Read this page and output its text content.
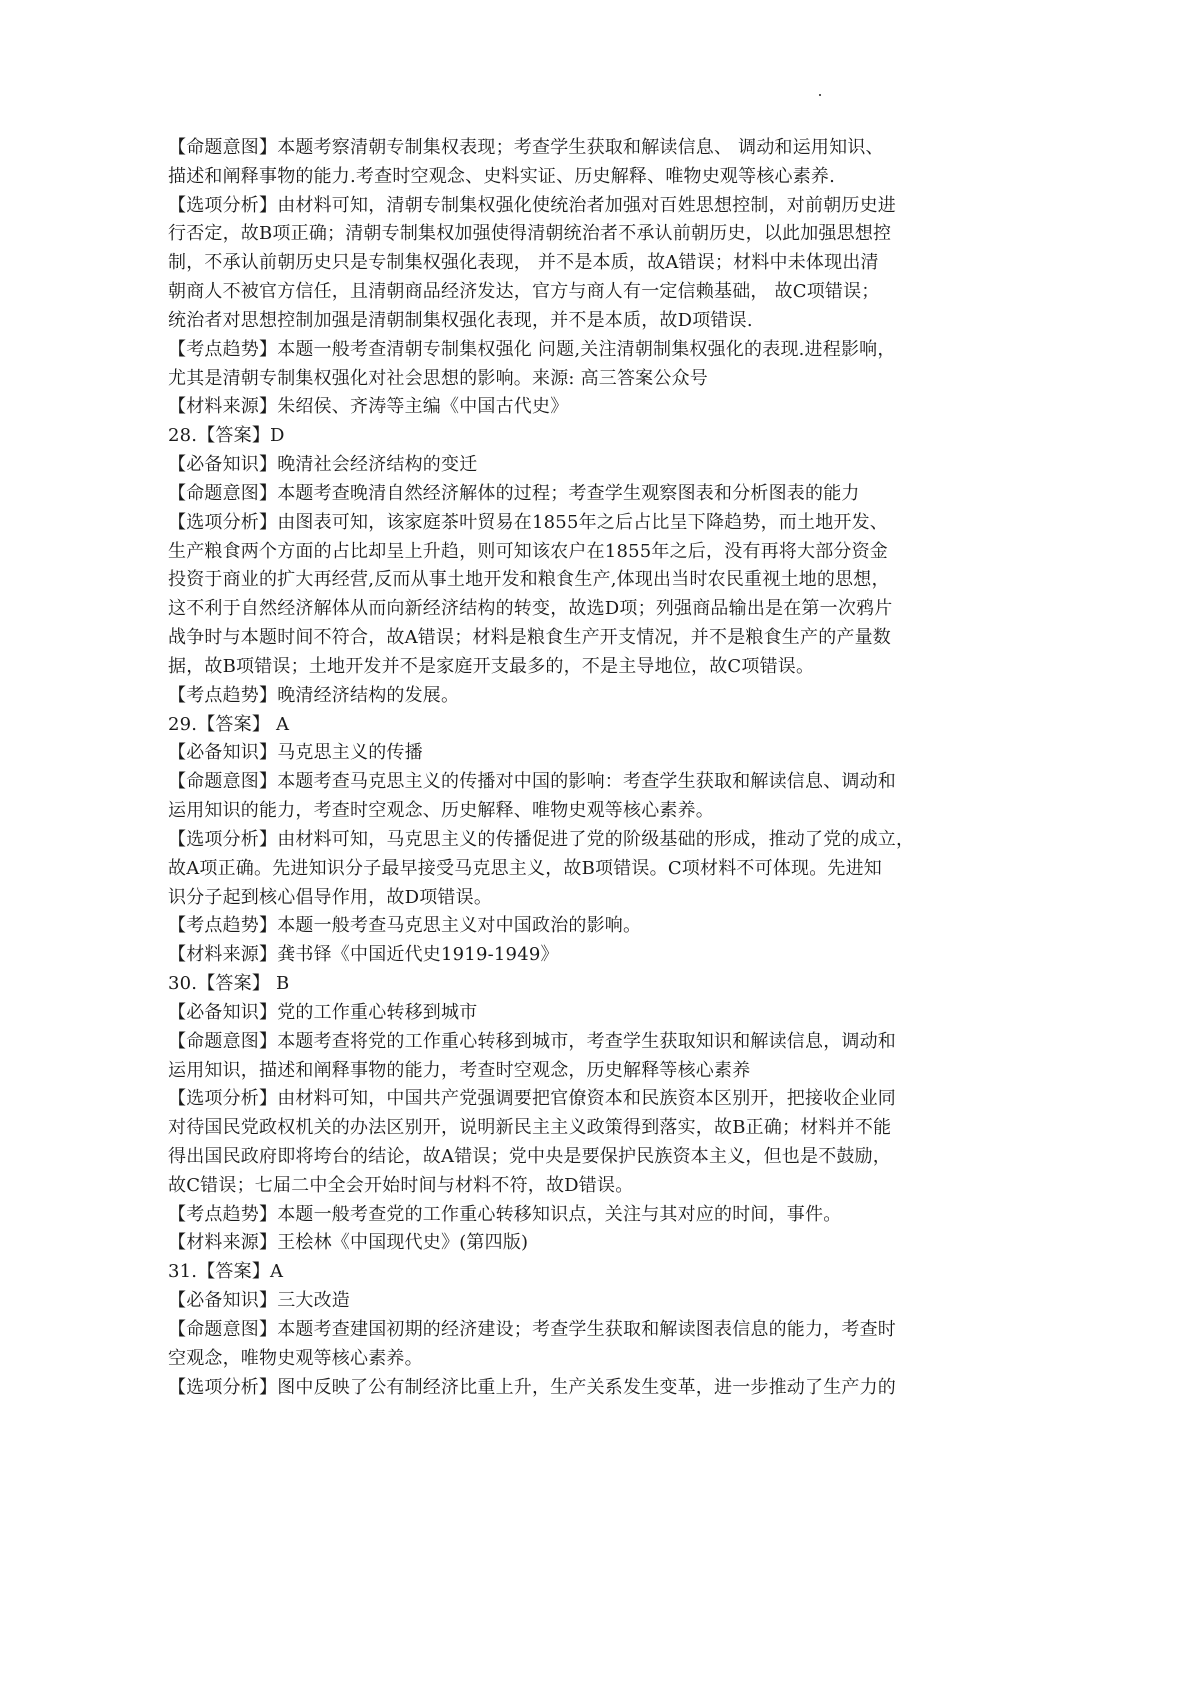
【命题意图】本题考察清朝专制集权表现；考查学生获取和解读信息、 调动和运用知识、
描述和阐释事物的能力.考查时空观念、史料实证、历史解释、唯物史观等核心素养.
【选项分析】由材料可知，清朝专制集权强化使统治者加强对百姓思想控制，对前朝历史进
行否定，故B项正确；清朝专制集权加强使得清朝统治者不承认前朝历史，以此加强思想控
制，不承认前朝历史只是专制集权强化表现， 并不是本质，故A错误；材料中未体现出清
朝商人不被官方信任，且清朝商品经济发达，官方与商人有一定信赖基础， 故C项错误；
统治者对思想控制加强是清朝制集权强化表现，并不是本质，故D项错误.
【考点趋势】本题一般考查清朝专制集权强化 问题,关注清朝制集权强化的表现.进程影响，
尤其是清朝专制集权强化对社会思想的影响。来源: 高三答案公众号
【材料来源】朱绍侯、齐涛等主编《中国古代史》
28.【答案】D
【必备知识】晚清社会经济结构的变迁
【命题意图】本题考查晚清自然经济解体的过程；考查学生观察图表和分析图表的能力
【选项分析】由图表可知，该家庭茶叶贸易在1855年之后占比呈下降趋势，而土地开发、
生产粮食两个方面的占比却呈上升趋，则可知该农户在1855年之后，没有再将大部分资金
投资于商业的扩大再经营,反而从事土地开发和粮食生产,体现出当时农民重视土地的思想，
这不利于自然经济解体从而向新经济结构的转变，故选D项；列强商品输出是在第一次鸦片
战争时与本题时间不符合，故A错误；材料是粮食生产开支情况，并不是粮食生产的产量数
据，故B项错误；土地开发并不是家庭开支最多的，不是主导地位，故C项错误。
【考点趋势】晚清经济结构的发展。
29.【答案】 A
【必备知识】马克思主义的传播
【命题意图】本题考查马克思主义的传播对中国的影响：考查学生获取和解读信息、调动和
运用知识的能力，考查时空观念、历史解释、唯物史观等核心素养。
【选项分析】由材料可知，马克思主义的传播促进了党的阶级基础的形成，推动了党的成立，
故A项正确。先进知识分子最早接受马克思主义，故B项错误。C项材料不可体现。先进知
识分子起到核心倡导作用，故D项错误。
【考点趋势】本题一般考查马克思主义对中国政治的影响。
【材料来源】龚书铎《中国近代史1919-1949》
30.【答案】 B
【必备知识】党的工作重心转移到城市
【命题意图】本题考查将党的工作重心转移到城市，考查学生获取知识和解读信息，调动和
运用知识，描述和阐释事物的能力，考查时空观念，历史解释等核心素养
【选项分析】由材料可知，中国共产党强调要把官僚资本和民族资本区别开，把接收企业同
对待国民党政权机关的办法区别开，说明新民主主义政策得到落实，故B正确；材料并不能
得出国民政府即将垮台的结论，故A错误；党中央是要保护民族资本主义，但也是不鼓励，
故C错误；七届二中全会开始时间与材料不符，故D错误。
【考点趋势】本题一般考查党的工作重心转移知识点，关注与其对应的时间，事件。
【材料来源】王桧林《中国现代史》(第四版)
31.【答案】A
【必备知识】三大改造
【命题意图】本题考查建国初期的经济建设；考查学生获取和解读图表信息的能力，考查时
空观念，唯物史观等核心素养。
【选项分析】图中反映了公有制经济比重上升，生产关系发生变革，进一步推动了生产力的
